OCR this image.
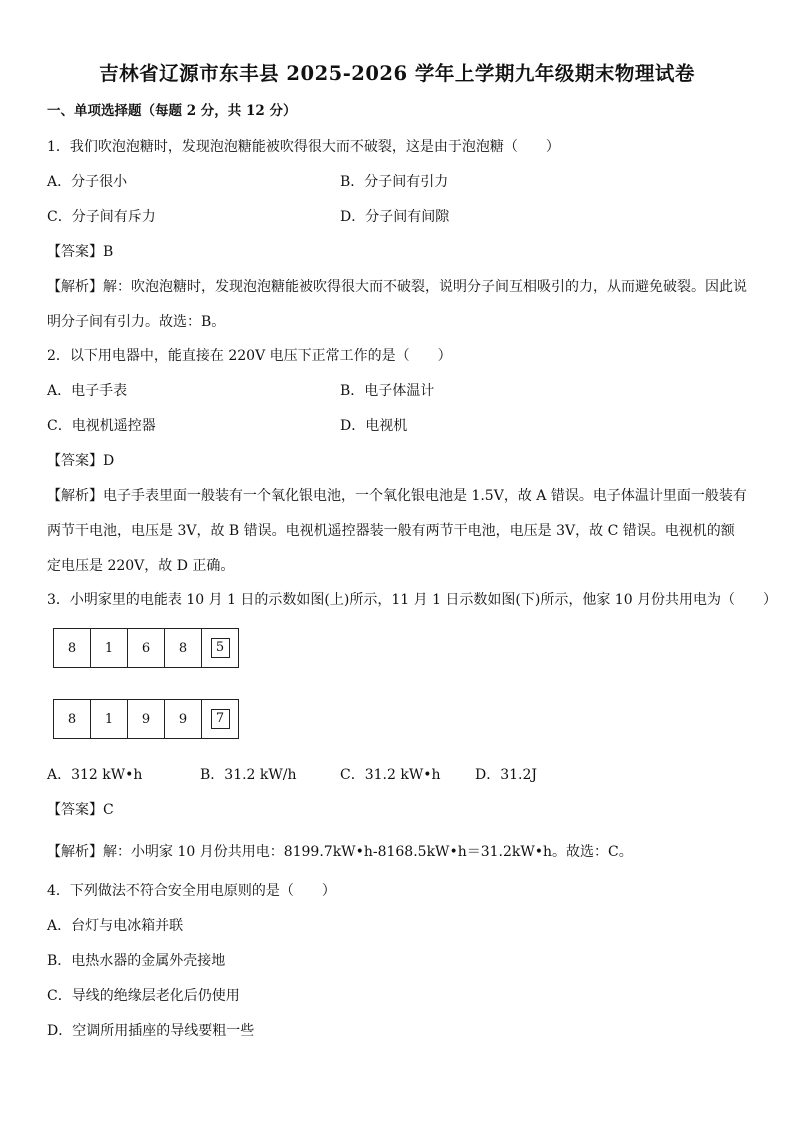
吉林省辽源市东丰县 2025-2026 学年上学期九年级期末物理试卷
一、单项选择题（每题 2 分，共 12 分）
1．我们吹泡泡糖时，发现泡泡糖能被吹得很大而不破裂，这是由于泡泡糖（　　）
A．分子很小	B．分子间有引力
C．分子间有斥力	D．分子间有间隙
【答案】B
【解析】解：吹泡泡糖时，发现泡泡糖能被吹得很大而不破裂，说明分子间互相吸引的力，从而避免破裂。因此说明分子间有引力。故选：B。
2．以下用电器中，能直接在 220V 电压下正常工作的是（　　）
A．电子手表	B．电子体温计
C．电视机遥控器	D．电视机
【答案】D
【解析】电子手表里面一般装有一个氧化银电池，一个氧化银电池是 1.5V，故 A 错误。电子体温计里面一般装有两节干电池，电压是 3V，故 B 错误。电视机遥控器装一般有两节干电池，电压是 3V，故 C 错误。电视机的额定电压是 220V，故 D 正确。
3．小明家里的电能表 10 月 1 日的示数如图(上)所示，11 月 1 日示数如图(下)所示，他家 10 月份共用电为（　　）
8	1	6	8	5
8	1	9	9	7
A．312 kW•h	B．31.2 kW/h	C．31.2 kW•h D．31.2J
【答案】C
【解析】解：小明家 10 月份共用电：8199.7kW•h-8168.5kW•h＝31.2kW•h。故选：C。
4．下列做法不符合安全用电原则的是（　　）
A．台灯与电冰箱并联
B．电热水器的金属外壳接地
C．导线的绝缘层老化后仍使用
D．空调所用插座的导线要粗一些
